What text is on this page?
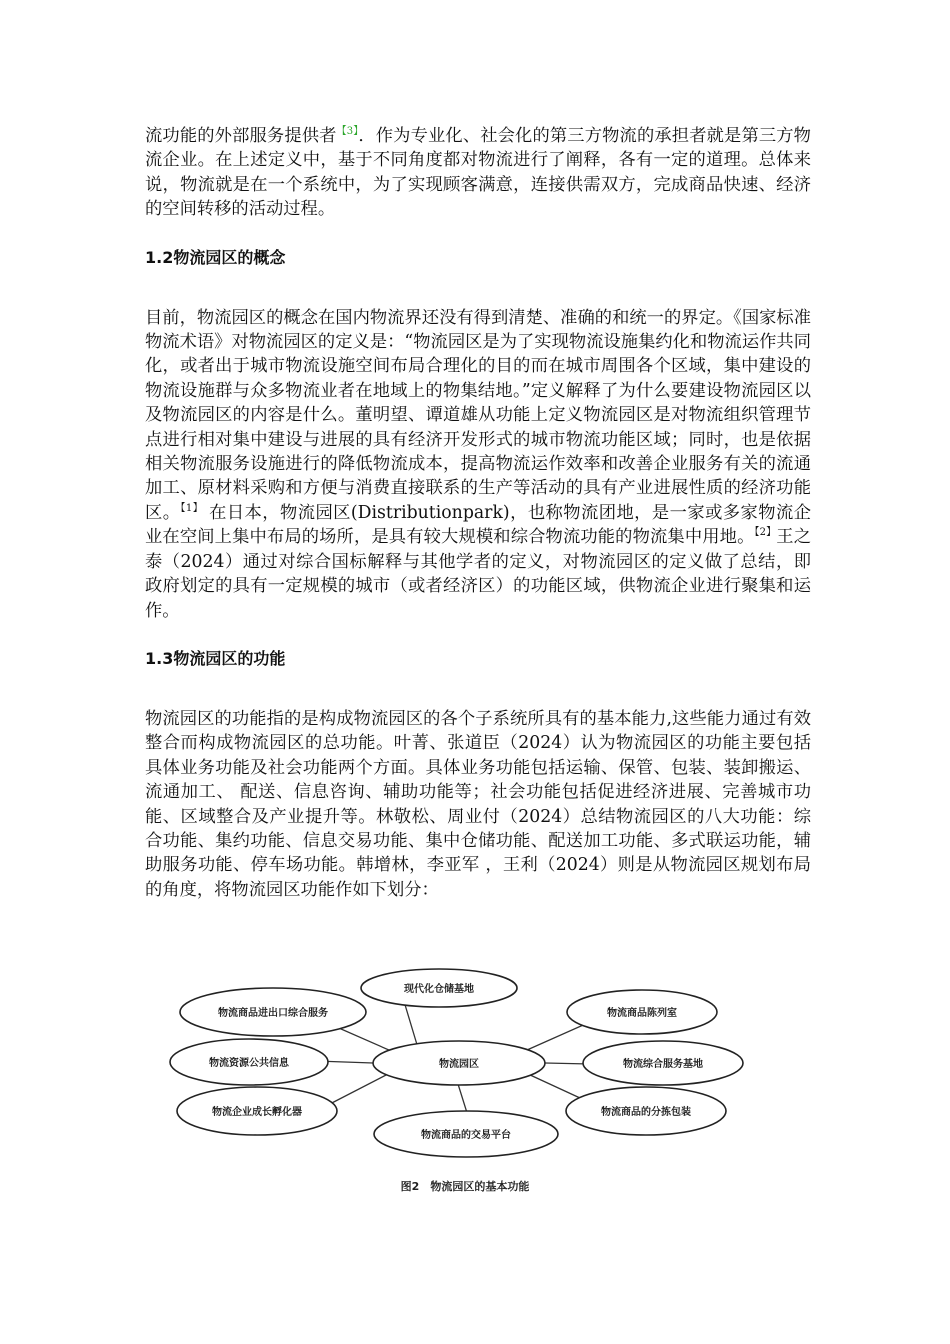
流功能的外部服务提供者$^{【3】}$．作为专业化、社会化的第三方物流的承担者就是第三方物流企业。在上述定义中，基于不同角度都对物流进行了阐释，各有一定的道理。总体来说，物流就是在一个系统中，为了实现顾客满意，连接供需双方，完成商品快速、经济的空间转移的活动过程。

1.2物流园区的概念

目前，物流园区的概念在国内物流界还没有得到清楚、准确的和统一的界定。《国家标准物流术语》对物流园区的定义是：“物流园区是为了实现物流设施集约化和物流运作共同化，或者出于城市物流设施空间布局合理化的目的而在城市周围各个区域，集中建设的物流设施群与众多物流业者在地域上的物集结地。”定义解释了为什么要建设物流园区以及物流园区的内容是什么。董明望、谭道雄从功能上定义物流园区是对物流组织管理节点进行相对集中建设与进展的具有经济开发形式的城市物流功能区域；同时，也是依据相关物流服务设施进行的降低物流成本，提高物流运作效率和改善企业服务有关的流通加工、原材料采购和方便与消费直接联系的生产等活动的具有产业进展性质的经济功能区。$^{【1】}$ 在日本，物流园区(Distributionpark)，也称物流团地，是一家或多家物流企业在空间上集中布局的场所，是具有较大规模和综合物流功能的物流集中用地。$^{【2】}$王之泰（2024）通过对综合国标解释与其他学者的定义，对物流园区的定义做了总结，即政府划定的具有一定规模的城市（或者经济区）的功能区域，供物流企业进行聚集和运作。

1.3物流园区的功能

物流园区的功能指的是构成物流园区的各个子系统所具有的基本能力,这些能力通过有效整合而构成物流园区的总功能。叶菁、张道臣（2024）认为物流园区的功能主要包括具体业务功能及社会功能两个方面。具体业务功能包括运输、保管、包装、装卸搬运、流通加工、 配送、信息咨询、辅助功能等；社会功能包括促进经济进展、完善城市功能、区域整合及产业提升等。林敬松、周业付（2024）总结物流园区的八大功能：综合功能、集约功能、信息交易功能、集中仓储功能、配送加工功能、多式联运功能，辅助服务功能、停车场功能。韩增林，李亚军 ，王利（2024）则是从物流园区规划布局的角度，将物流园区功能作如下划分：

物流园区
现代化仓储基地
物流商品进出口综合服务	物流商品陈列室
物流资源公共信息	物流综合服务基地
物流企业成长孵化器	物流商品的分拣包装
物流商品的交易平台
图2　物流园区的基本功能
